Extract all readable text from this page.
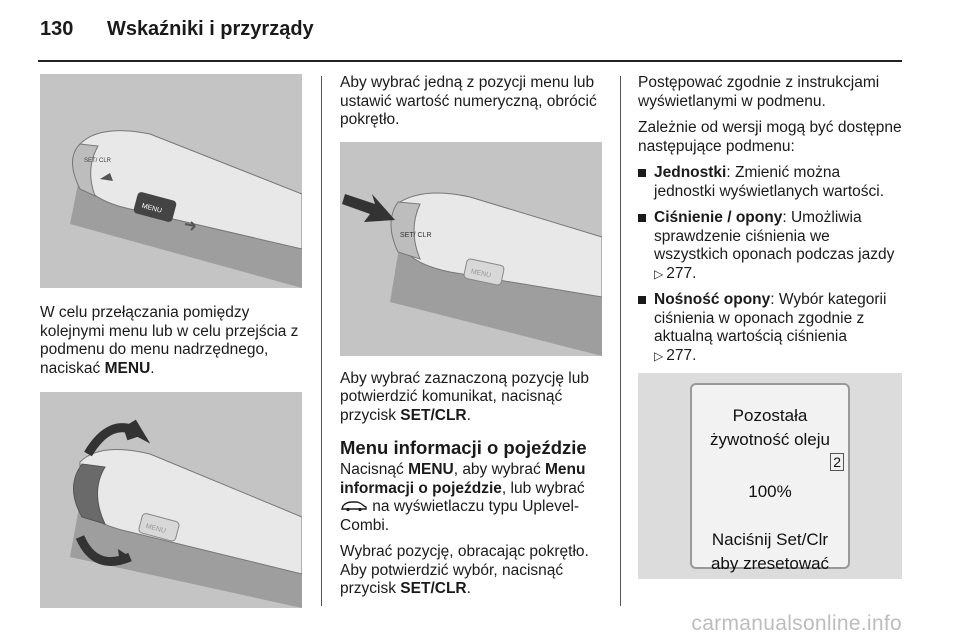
130 Wskaźniki i przyrządy
MENU
SET/ CLR

W celu przełączania pomiędzy kolejnymi menu lub w celu przejścia z podmenu do menu nadrzędnego, naciskać MENU.

MENU

Aby wybrać jedną z pozycji menu lub ustawić wartość numeryczną, obrócić pokrętło.

SET/ CLR
MENU

Aby wybrać zaznaczoną pozycję lub potwierdzić komunikat, nacisnąć przycisk SET/CLR.

Menu informacji o pojeździe

Nacisnąć MENU, aby wybrać Menu informacji o pojeździe, lub wybrać  na wyświetlaczu typu Uplevel-Combi.

Wybrać pozycję, obracając pokrętło. Aby potwierdzić wybór, nacisnąć przycisk SET/CLR.

Postępować zgodnie z instrukcjami wyświetlanymi w podmenu.

Zależnie od wersji mogą być dostępne następujące podmenu:

Jednostki: Zmienić można jednostki wyświetlanych wartości.
Ciśnienie / opony: Umożliwia sprawdzenie ciśnienia we wszystkich oponach podczas jazdy
▷ 277.
Nośność opony: Wybór kategorii ciśnienia w oponach zgodnie z aktualną wartością ciśnienia
▷ 277.
Pozostała
żywotność oleju
2
100%
Naciśnij Set/Clr
aby zresetować
carmanualsonline.info
